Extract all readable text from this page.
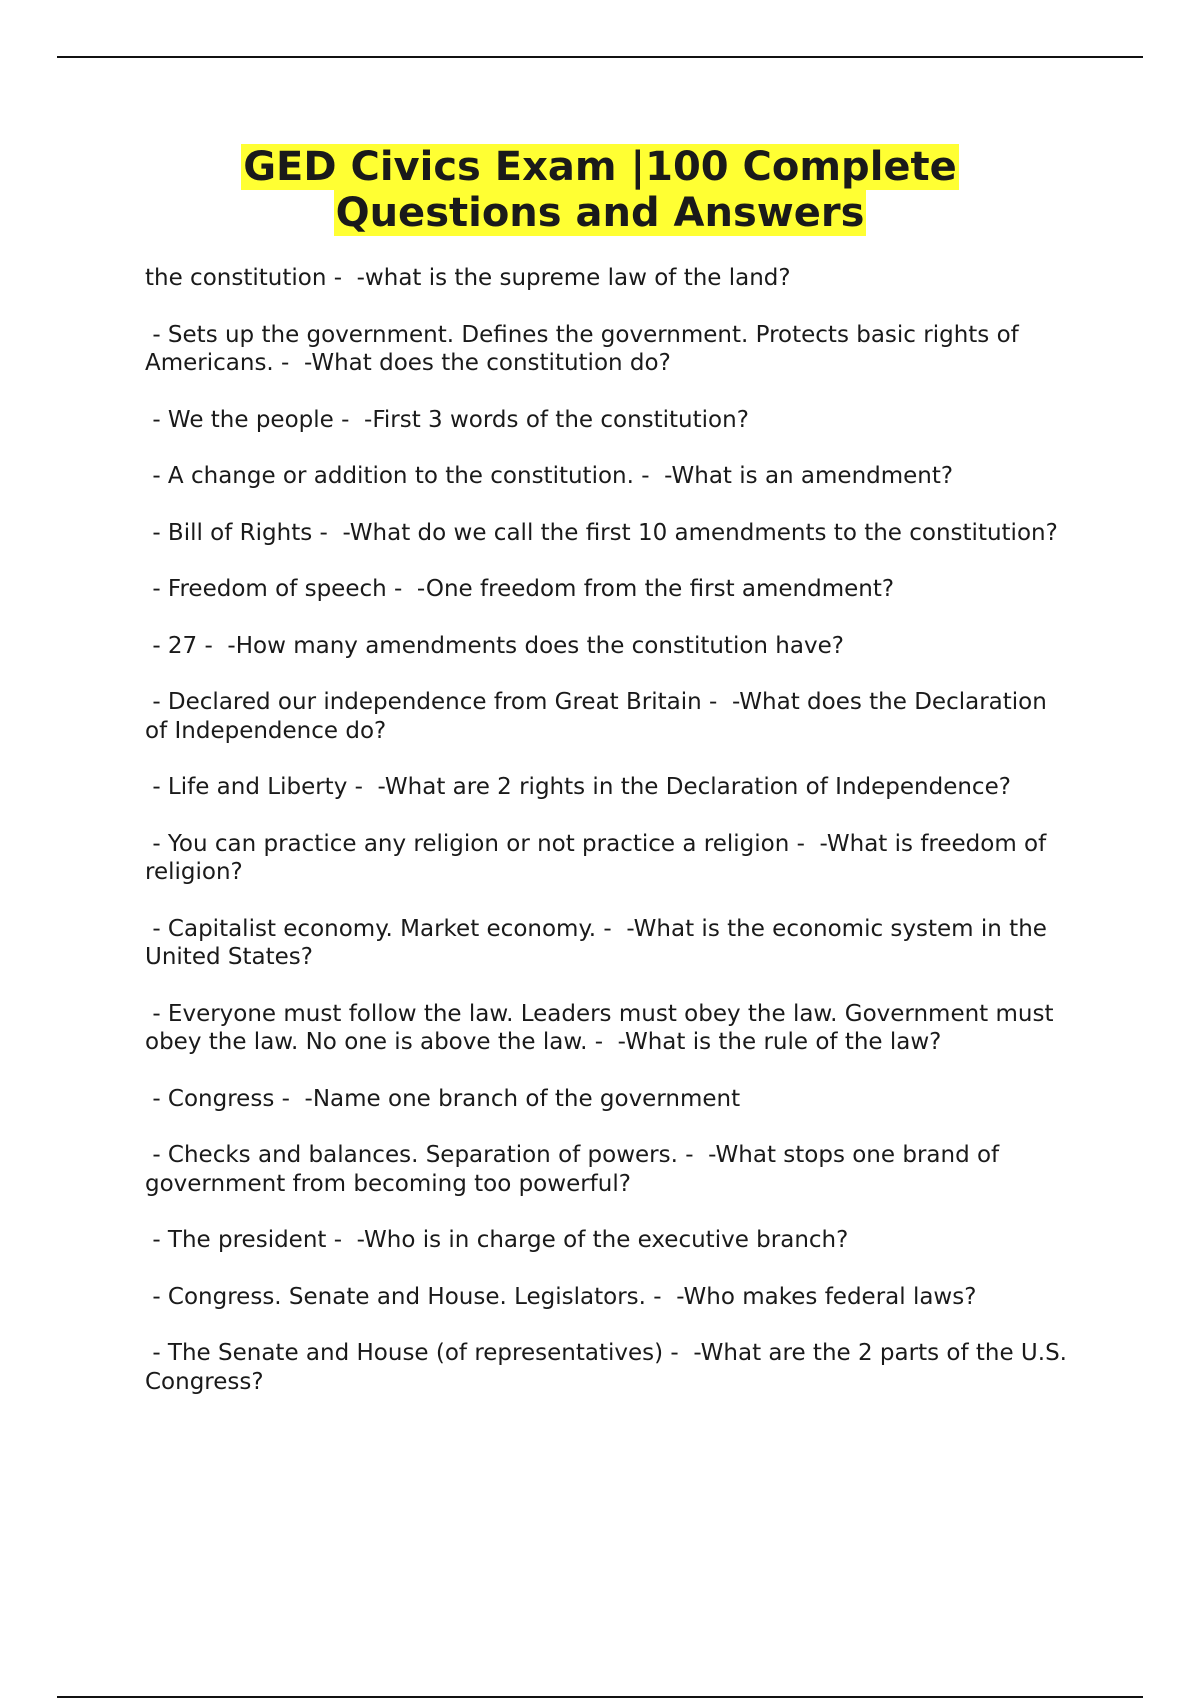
GED Civics Exam |100 Complete
Questions and Answers
the constitution -  -what is the supreme law of the land?
- Sets up the government. Defines the government. Protects basic rights of Americans. -  -What does the constitution do?
- We the people -  -First 3 words of the constitution?
- A change or addition to the constitution. -  -What is an amendment?
- Bill of Rights -  -What do we call the first 10 amendments to the constitution?
- Freedom of speech -  -One freedom from the first amendment?
- 27 -  -How many amendments does the constitution have?
- Declared our independence from Great Britain -  -What does the Declaration of Independence do?
- Life and Liberty -  -What are 2 rights in the Declaration of Independence?
- You can practice any religion or not practice a religion -  -What is freedom of religion?
- Capitalist economy. Market economy. -  -What is the economic system in the United States?
- Everyone must follow the law. Leaders must obey the law. Government must obey the law. No one is above the law. -  -What is the rule of the law?
- Congress -  -Name one branch of the government
- Checks and balances. Separation of powers. -  -What stops one brand of government from becoming too powerful?
- The president -  -Who is in charge of the executive branch?
- Congress. Senate and House. Legislators. -  -Who makes federal laws?
- The Senate and House (of representatives) -  -What are the 2 parts of the U.S. Congress?
